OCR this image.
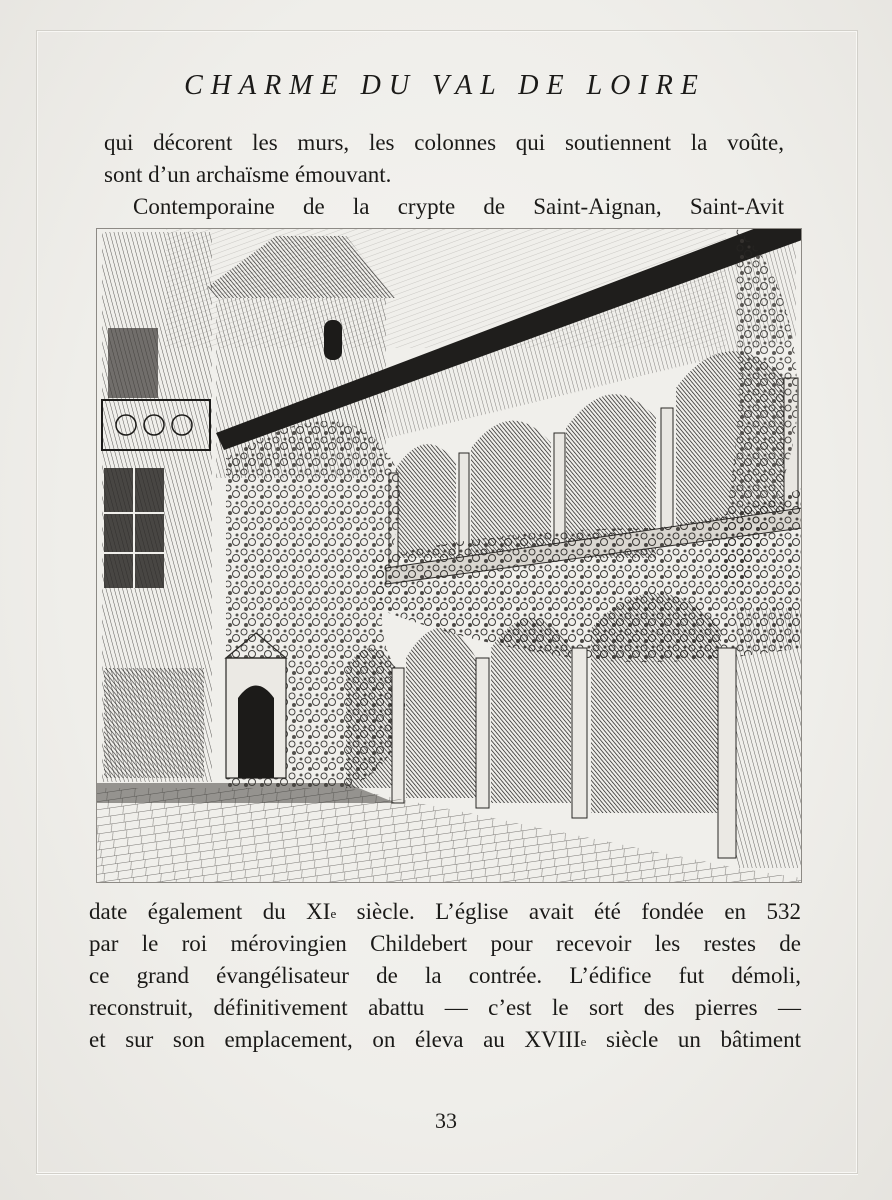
CHARME DU VAL DE LOIRE
qui décorent les murs, les colonnes qui soutiennent la voûte,
sont d’un archaïsme émouvant.
Contemporaine de la crypte de Saint-Aignan, Saint-Avit
date également du XIe siècle. L’église avait été fondée en 532
par le roi mérovingien Childebert pour recevoir les restes de
ce grand évangélisateur de la contrée. L’édifice fut démoli,
reconstruit, définitivement abattu — c’est le sort des pierres —
et sur son emplacement, on éleva au XVIIIe siècle un bâtiment
33
